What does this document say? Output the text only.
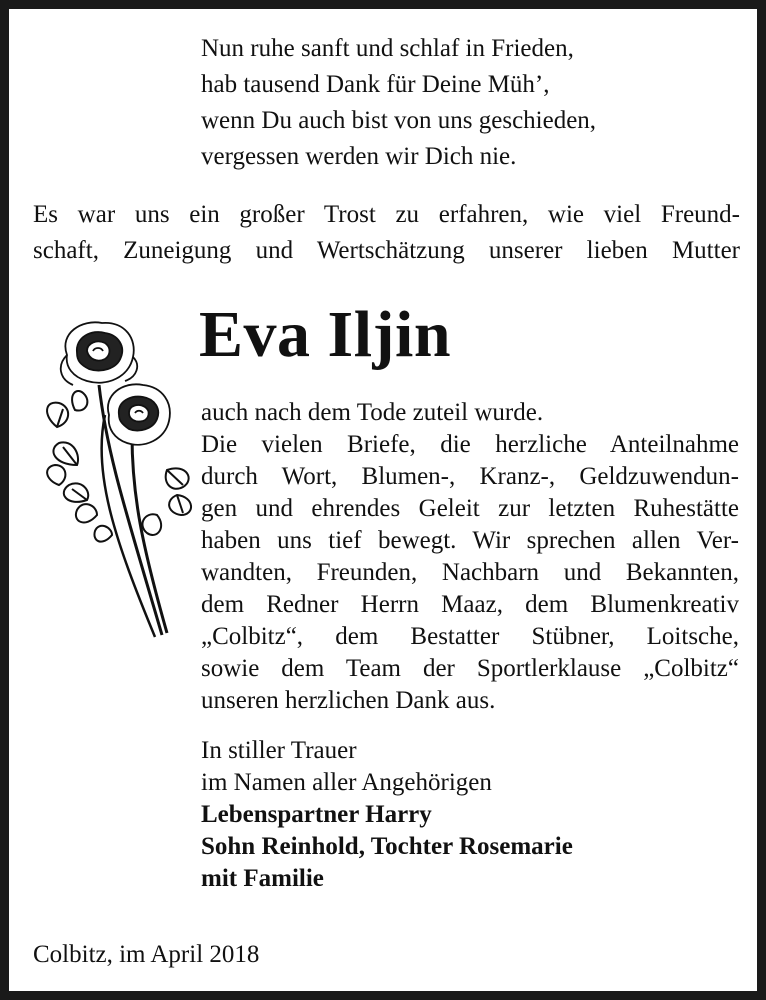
Nun ruhe sanft und schlaf in Frieden,
hab tausend Dank für Deine Müh’,
wenn Du auch bist von uns geschieden,
vergessen werden wir Dich nie.
Es war uns ein großer Trost zu erfahren, wie viel Freund-
schaft, Zuneigung und Wertschätzung unserer lieben Mutter
Eva Iljin
auch nach dem Tode zuteil wurde.
Die vielen Briefe, die herzliche Anteilnahme
durch Wort, Blumen-, Kranz-, Geldzuwendun-
gen und ehrendes Geleit zur letzten Ruhestätte
haben uns tief bewegt. Wir sprechen allen Ver-
wandten, Freunden, Nachbarn und Bekannten,
dem Redner Herrn Maaz, dem Blumenkreativ
„Colbitz“, dem Bestatter Stübner, Loitsche,
sowie dem Team der Sportlerklause „Colbitz“
unseren herzlichen Dank aus.
In stiller Trauer
im Namen aller Angehörigen
Lebenspartner Harry
Sohn Reinhold, Tochter Rosemarie
mit Familie
Colbitz, im April 2018
